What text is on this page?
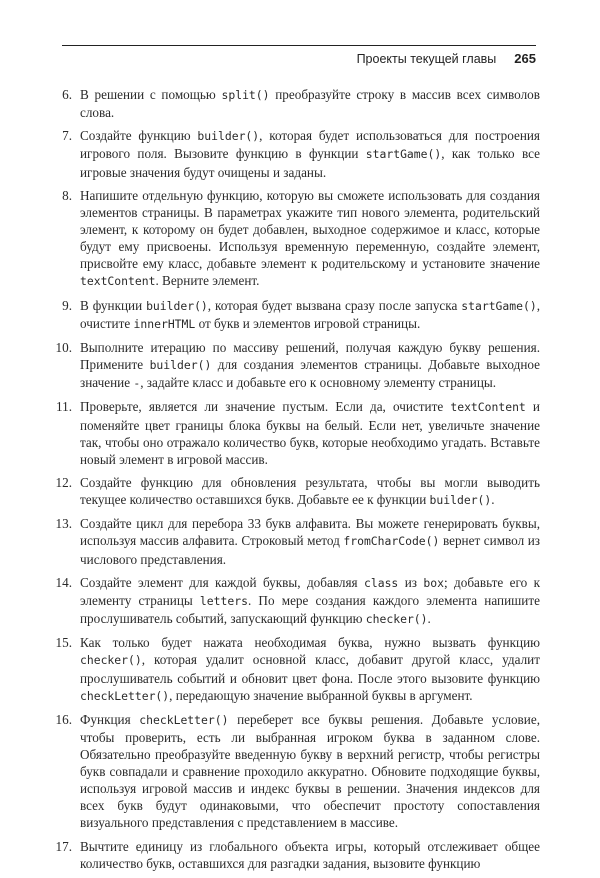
Проекты текущей главы 265
6. В решении с помощью split() преобразуйте строку в массив всех символов слова.
7. Создайте функцию builder(), которая будет использоваться для построения игрового поля. Вызовите функцию в функции startGame(), как только все игровые значения будут очищены и заданы.
8. Напишите отдельную функцию, которую вы сможете использовать для создания элементов страницы. В параметрах укажите тип нового элемента, родительский элемент, к которому он будет добавлен, выходное содержимое и класс, которые будут ему присвоены. Используя временную переменную, создайте элемент, присвойте ему класс, добавьте элемент к родительскому и установите значение textContent. Верните элемент.
9. В функции builder(), которая будет вызвана сразу после запуска startGame(), очистите innerHTML от букв и элементов игровой страницы.
10. Выполните итерацию по массиву решений, получая каждую букву решения. Примените builder() для создания элементов страницы. Добавьте выходное значение -, задайте класс и добавьте его к основному элементу страницы.
11. Проверьте, является ли значение пустым. Если да, очистите textContent и поменяйте цвет границы блока буквы на белый. Если нет, увеличьте значение так, чтобы оно отражало количество букв, которые необходимо угадать. Вставьте новый элемент в игровой массив.
12. Создайте функцию для обновления результата, чтобы вы могли выводить текущее количество оставшихся букв. Добавьте ее к функции builder().
13. Создайте цикл для перебора 33 букв алфавита. Вы можете генерировать буквы, используя массив алфавита. Строковый метод fromCharCode() вернет символ из числового представления.
14. Создайте элемент для каждой буквы, добавляя class из box; добавьте его к элементу страницы letters. По мере создания каждого элемента напишите прослушиватель событий, запускающий функцию checker().
15. Как только будет нажата необходимая буква, нужно вызвать функцию checker(), которая удалит основной класс, добавит другой класс, удалит прослушиватель событий и обновит цвет фона. После этого вызовите функцию checkLetter(), передающую значение выбранной буквы в аргумент.
16. Функция checkLetter() переберет все буквы решения. Добавьте условие, чтобы проверить, есть ли выбранная игроком буква в заданном слове. Обязательно преобразуйте введенную букву в верхний регистр, чтобы регистры букв совпадали и сравнение проходило аккуратно. Обновите подходящие буквы, используя игровой массив и индекс буквы в решении. Значения индексов для всех букв будут одинаковыми, что обеспечит простоту сопоставления визуального представления с представлением в массиве.
17. Вычтите единицу из глобального объекта игры, который отслеживает общее количество букв, оставшихся для разгадки задания, вызовите функцию
